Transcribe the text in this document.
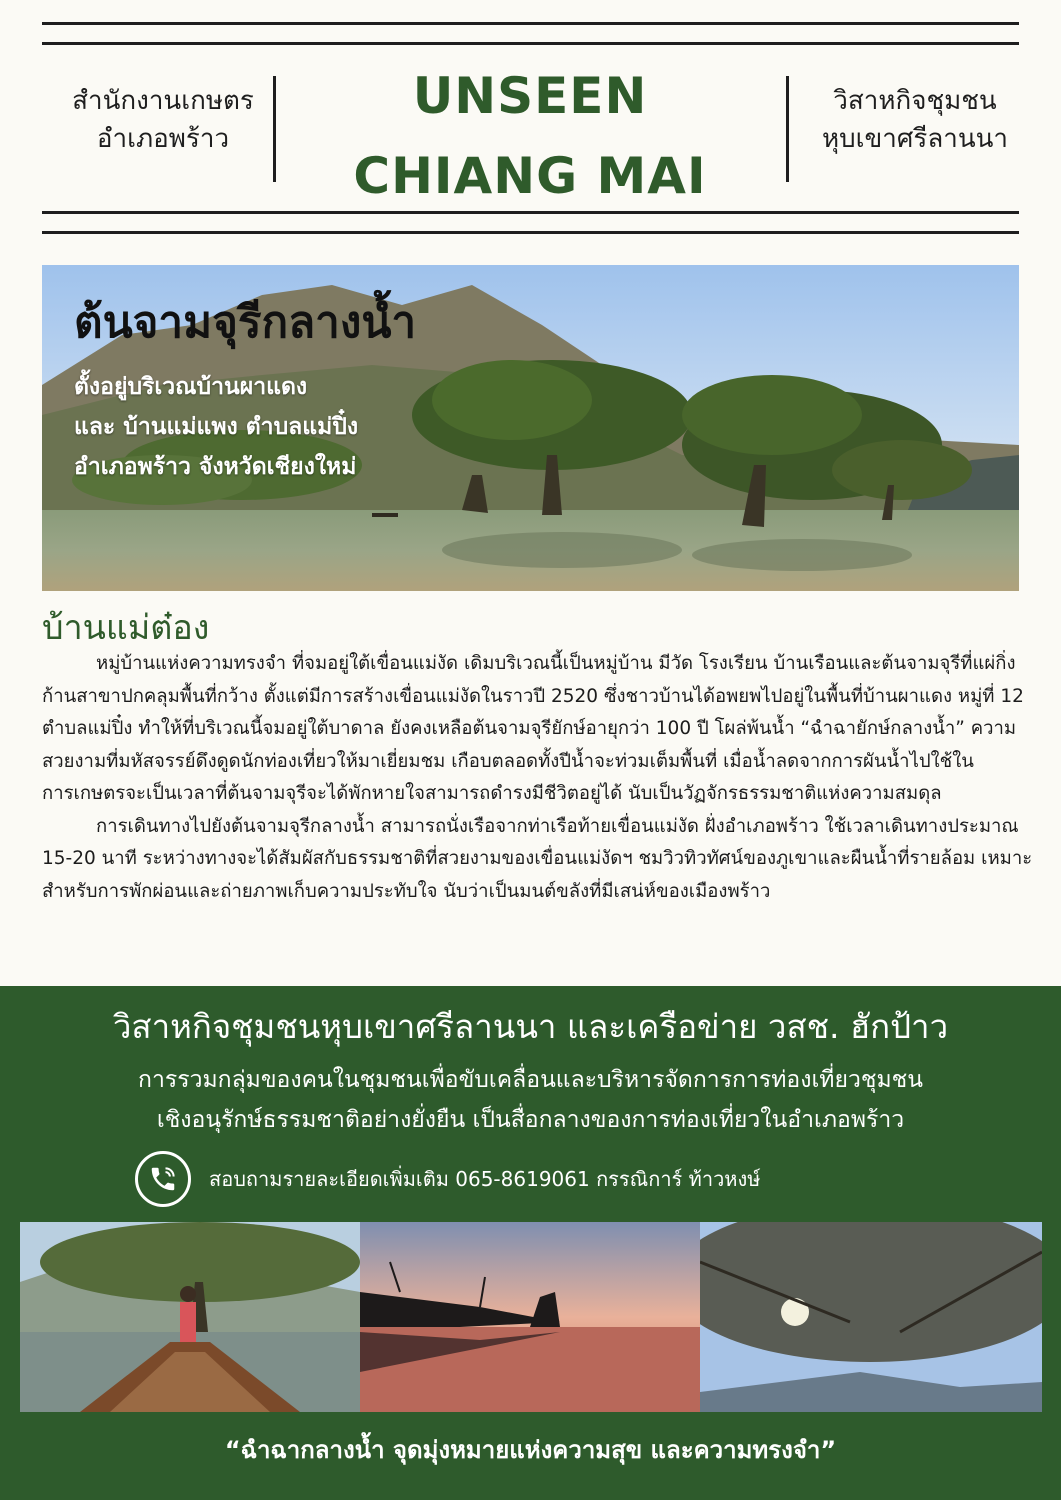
สำนักงานเกษตร
อำเภอพร้าว
UNSEEN
CHIANG MAI
วิสาหกิจชุมชน
หุบเขาศรีลานนา
ต้นจามจุรีกลางน้ำ
ตั้งอยู่บริเวณบ้านผาแดง
และ บ้านแม่แพง ตำบลแม่ปิ๋ง
อำเภอพร้าว จังหวัดเชียงใหม่
บ้านแม่ต๋อง

หมู่บ้านแห่งความทรงจำ ที่จมอยู่ใต้เขื่อนแม่งัด เดิมบริเวณนี้เป็นหมู่บ้าน มีวัด โรงเรียน บ้านเรือนและต้นจามจุรีที่แผ่กิ่งก้านสาขาปกคลุมพื้นที่กว้าง ตั้งแต่มีการสร้างเขื่อนแม่งัดในราวปี 2520 ซึ่งชาวบ้านได้อพยพไปอยู่ในพื้นที่บ้านผาแดง หมู่ที่ 12 ตำบลแม่ปิ๋ง ทำให้ที่บริเวณนี้จมอยู่ใต้บาดาล ยังคงเหลือต้นจามจุรียักษ์อายุกว่า 100 ปี โผล่พ้นน้ำ “ฉำฉายักษ์กลางน้ำ” ความสวยงามที่มหัสจรรย์ดึงดูดนักท่องเที่ยวให้มาเยี่ยมชม เกือบตลอดทั้งปีน้ำจะท่วมเต็มพื้นที่ เมื่อน้ำลดจากการผันน้ำไปใช้ในการเกษตรจะเป็นเวลาที่ต้นจามจุรีจะได้พักหายใจสามารถดำรงมีชีวิตอยู่ได้ นับเป็นวัฏจักรธรรมชาติแห่งความสมดุล

การเดินทางไปยังต้นจามจุรีกลางน้ำ สามารถนั่งเรือจากท่าเรือท้ายเขื่อนแม่งัด ฝั่งอำเภอพร้าว ใช้เวลาเดินทางประมาณ 15-20 นาที ระหว่างทางจะได้สัมผัสกับธรรมชาติที่สวยงามของเขื่อนแม่งัดฯ ชมวิวทิวทัศน์ของภูเขาและผืนน้ำที่รายล้อม เหมาะสำหรับการพักผ่อนและถ่ายภาพเก็บความประทับใจ นับว่าเป็นมนต์ขลังที่มีเสน่ห์ของเมืองพร้าว

วิสาหกิจชุมชนหุบเขาศรีลานนา และเครือข่าย วสช. ฮักป้าว
การรวมกลุ่มของคนในชุมชนเพื่อขับเคลื่อนและบริหารจัดการการท่องเที่ยวชุมชน
เชิงอนุรักษ์ธรรมชาติอย่างยั่งยืน เป็นสื่อกลางของการท่องเที่ยวในอำเภอพร้าว
สอบถามรายละเอียดเพิ่มเติม 065-8619061 กรรณิการ์ ท้าวหงษ์
“ฉำฉากลางน้ำ จุดมุ่งหมายแห่งความสุข และความทรงจำ”
